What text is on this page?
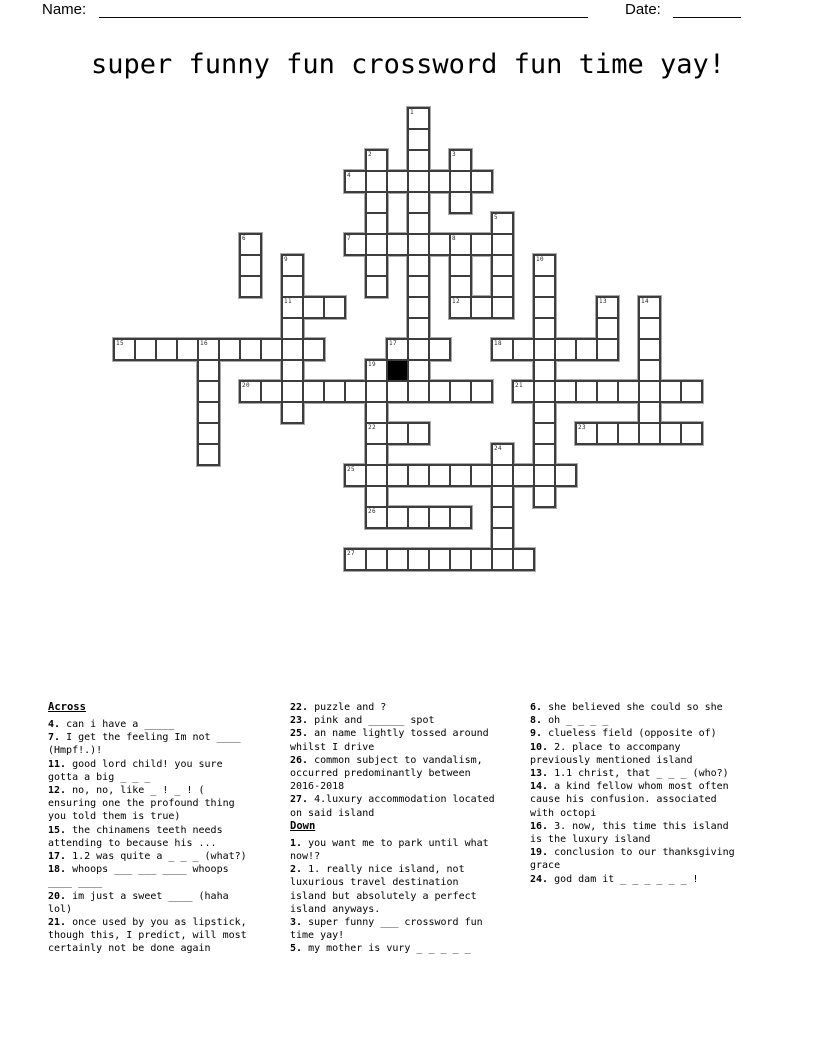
Name:	Date:
super funny fun crossword fun time yay!
1
2	3
4
5
6	7	8
9	10
11	12	13	14
15	16	17	18
19
20	21
22	23
24
25
26
27
Across

4. can i have a _____

7. I get the feeling Im not ____ (Hmpf!.)!

11. good lord child! you sure gotta a big _ _ _

12. no, no, like _ ! _ ! ( ensuring one the profound thing you told them is true)

15. the chinamens teeth needs attending to because his ...

17. 1.2 was quite a _ _ _ (what?)

18. whoops ___ ___ ____ whoops ____ ____

20. im just a sweet ____ (haha lol)

21. once used by you as lipstick, though this, I predict, will most certainly not be done again

22. puzzle and ?

23. pink and ______ spot

25. an name lightly tossed around whilst I drive

26. common subject to vandalism, occurred predominantly between 2016-2018

27. 4.luxury accommodation located on said island

Down

1. you want me to park until what now!?

2. 1. really nice island, not luxurious travel destination island but absolutely a perfect island anyways.

3. super funny ___ crossword fun time yay!

5. my mother is vury _ _ _ _ _

6. she believed she could so she

8. oh _ _ _ _

9. clueless field (opposite of)

10. 2. place to accompany previously mentioned island

13. 1.1 christ, that _ _ _ (who?)

14. a kind fellow whom most often cause his confusion. associated with octopi

16. 3. now, this time this island is the luxury island

19. conclusion to our thanksgiving grace

24. god dam it _ _ _ _ _ _ !
